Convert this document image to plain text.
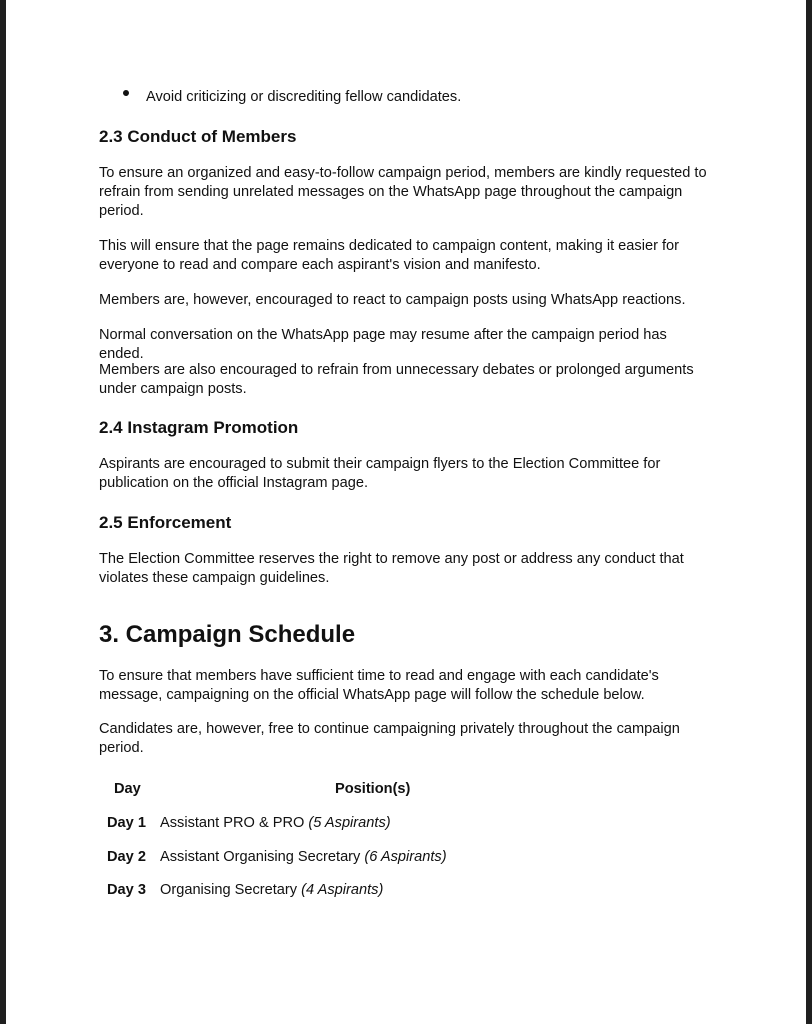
Avoid criticizing or discrediting fellow candidates.

2.3 Conduct of Members

To ensure an organized and easy-to-follow campaign period, members are kindly requested to refrain from sending unrelated messages on the WhatsApp page throughout the campaign period.

This will ensure that the page remains dedicated to campaign content, making it easier for everyone to read and compare each aspirant's vision and manifesto.

Members are, however, encouraged to react to campaign posts using WhatsApp reactions.

Normal conversation on the WhatsApp page may resume after the campaign period has ended.

Members are also encouraged to refrain from unnecessary debates or prolonged arguments under campaign posts.

2.4 Instagram Promotion

Aspirants are encouraged to submit their campaign flyers to the Election Committee for publication on the official Instagram page.

2.5 Enforcement

The Election Committee reserves the right to remove any post or address any conduct that violates these campaign guidelines.

3. Campaign Schedule

To ensure that members have sufficient time to read and engage with each candidate's message, campaigning on the official WhatsApp page will follow the schedule below.

Candidates are, however, free to continue campaigning privately throughout the campaign period.

Day	Position(s)
Day 1 Assistant PRO & PRO (5 Aspirants)
Day 2 Assistant Organising Secretary (6 Aspirants)
Day 3 Organising Secretary (4 Aspirants)
